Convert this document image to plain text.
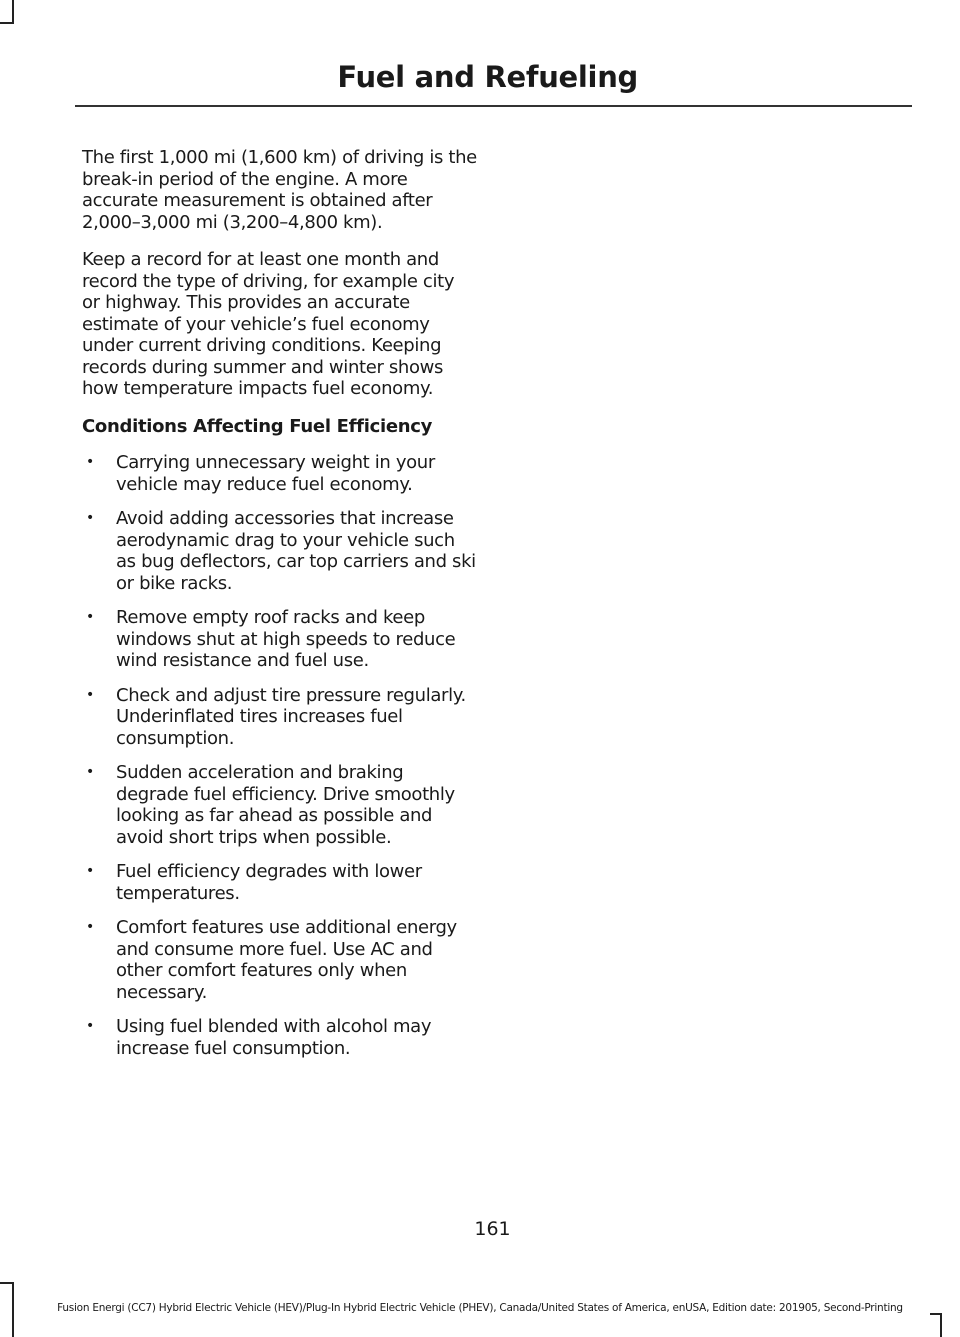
Fuel and Refueling

The first 1,000 mi (1,600 km) of driving is the break-in period of the engine. A more accurate measurement is obtained after 2,000–3,000 mi (3,200–4,800 km).

Keep a record for at least one month and record the type of driving, for example city or highway. This provides an accurate estimate of your vehicle’s fuel economy under current driving conditions. Keeping records during summer and winter shows how temperature impacts fuel economy.

Conditions Affecting Fuel Efficiency
• Carrying unnecessary weight in your vehicle may reduce fuel economy.
• Avoid adding accessories that increase aerodynamic drag to your vehicle such as bug deflectors, car top carriers and ski or bike racks.
• Remove empty roof racks and keep windows shut at high speeds to reduce wind resistance and fuel use.
• Check and adjust tire pressure regularly. Underinflated tires increases fuel consumption.
• Sudden acceleration and braking degrade fuel efficiency. Drive smoothly looking as far ahead as possible and avoid short trips when possible.
• Fuel efficiency degrades with lower temperatures.
• Comfort features use additional energy and consume more fuel. Use AC and other comfort features only when necessary.
• Using fuel blended with alcohol may increase fuel consumption.
161
Fusion Energi (CC7) Hybrid Electric Vehicle (HEV)/Plug-In Hybrid Electric Vehicle (PHEV), Canada/United States of America, enUSA, Edition date: 201905, Second-Printing
